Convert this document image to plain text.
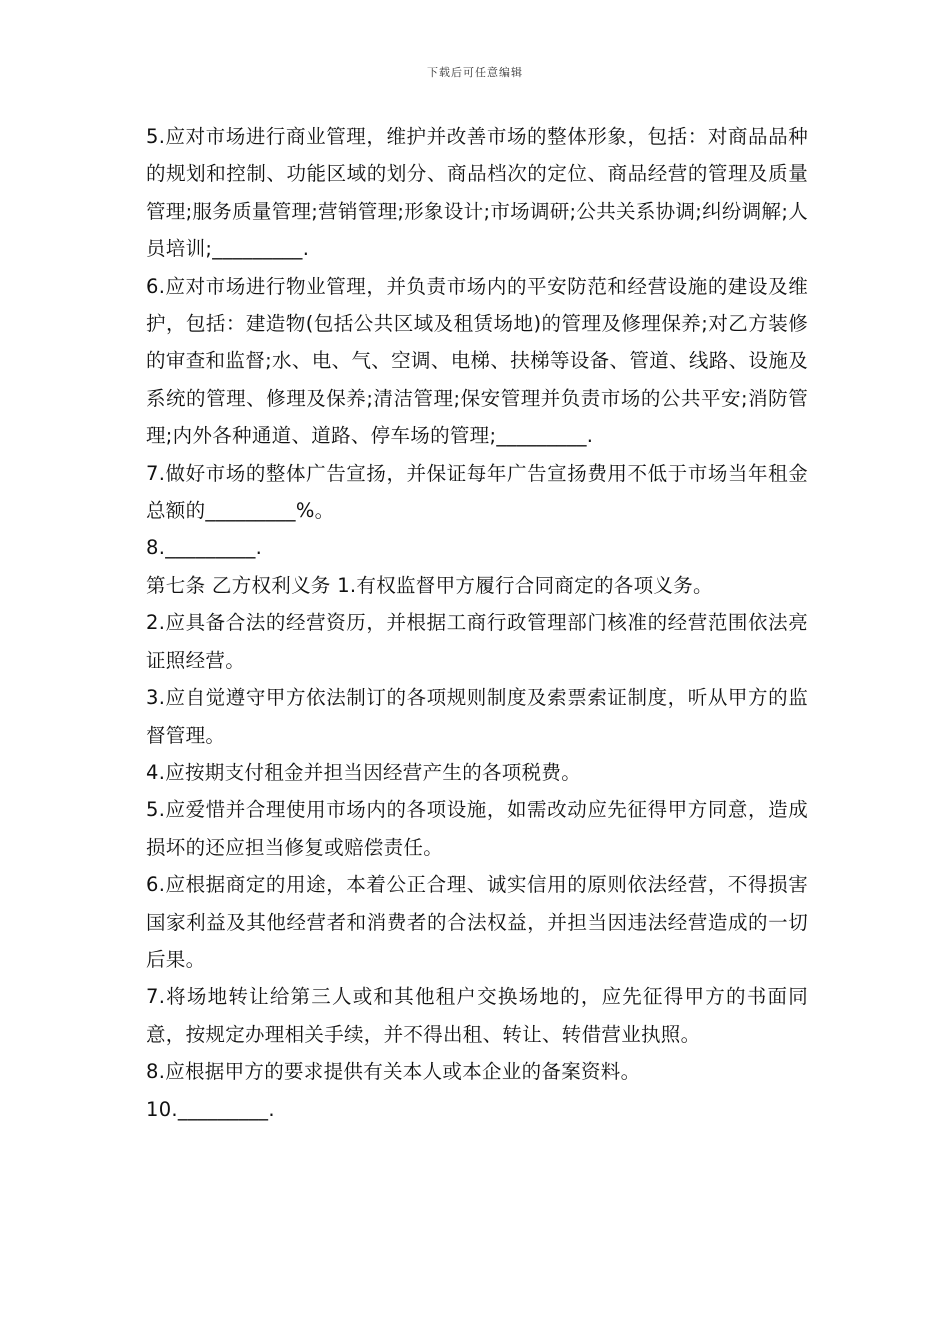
下载后可任意编辑

5.应对市场进行商业管理，维护并改善市场的整体形象，包括：对商品品种的规划和控制、功能区域的划分、商品档次的定位、商品经营的管理及质量管理;服务质量管理;营销管理;形象设计;市场调研;公共关系协调;纠纷调解;人员培训;_________.

6.应对市场进行物业管理，并负责市场内的平安防范和经营设施的建设及维护，包括：建造物(包括公共区域及租赁场地)的管理及修理保养;对乙方装修的审查和监督;水、电、气、空调、电梯、扶梯等设备、管道、线路、设施及系统的管理、修理及保养;清洁管理;保安管理并负责市场的公共平安;消防管理;内外各种通道、道路、停车场的管理;_________.

7.做好市场的整体广告宣扬，并保证每年广告宣扬费用不低于市场当年租金总额的_________%。

8._________.

第七条 乙方权利义务 1.有权监督甲方履行合同商定的各项义务。

2.应具备合法的经营资历，并根据工商行政管理部门核准的经营范围依法亮证照经营。

3.应自觉遵守甲方依法制订的各项规则制度及索票索证制度，听从甲方的监督管理。

4.应按期支付租金并担当因经营产生的各项税费。

5.应爱惜并合理使用市场内的各项设施，如需改动应先征得甲方同意，造成损坏的还应担当修复或赔偿责任。

6.应根据商定的用途，本着公正合理、诚实信用的原则依法经营，不得损害国家利益及其他经营者和消费者的合法权益，并担当因违法经营造成的一切后果。

7.将场地转让给第三人或和其他租户交换场地的，应先征得甲方的书面同意，按规定办理相关手续，并不得出租、转让、转借营业执照。

8.应根据甲方的要求提供有关本人或本企业的备案资料。

10._________.
